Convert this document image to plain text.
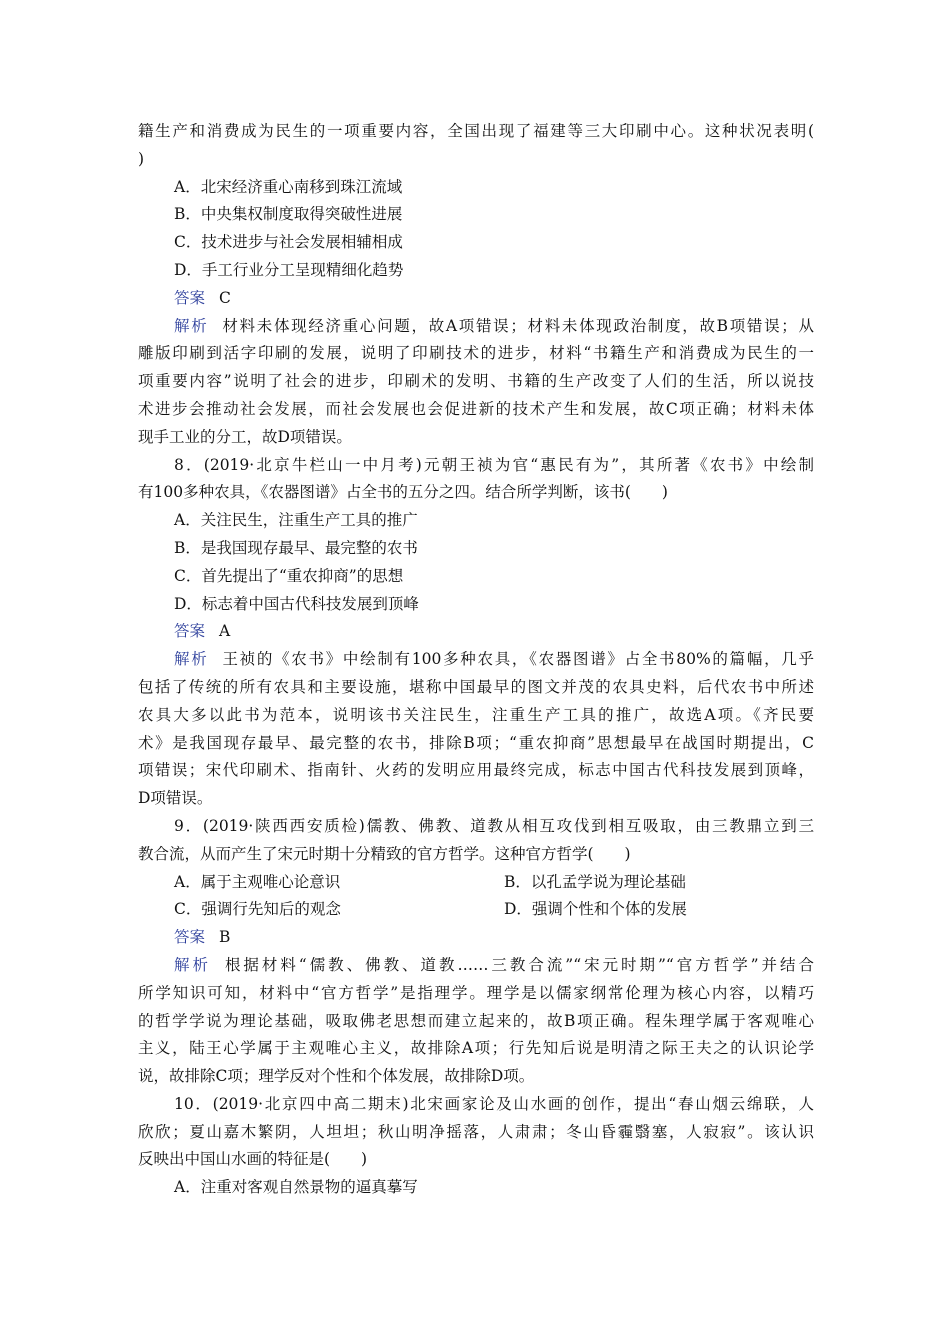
籍生产和消费成为民生的一项重要内容，全国出现了福建等三大印刷中心。这种状况表明(
)
A．北宋经济重心南移到珠江流域
B．中央集权制度取得突破性进展
C．技术进步与社会发展相辅相成
D．手工行业分工呈现精细化趋势
答案 C
解析 材料未体现经济重心问题，故A项错误；材料未体现政治制度，故B项错误；从
雕版印刷到活字印刷的发展，说明了印刷技术的进步，材料“书籍生产和消费成为民生的一
项重要内容”说明了社会的进步，印刷术的发明、书籍的生产改变了人们的生活，所以说技
术进步会推动社会发展，而社会发展也会促进新的技术产生和发展，故C项正确；材料未体
现手工业的分工，故D项错误。
8．(2019·北京牛栏山一中月考)元朝王祯为官“惠民有为”，其所著《农书》中绘制
有100多种农具，《农器图谱》占全书的五分之四。结合所学判断，该书(　　)
A．关注民生，注重生产工具的推广
B．是我国现存最早、最完整的农书
C．首先提出了“重农抑商”的思想
D．标志着中国古代科技发展到顶峰
答案 A
解析 王祯的《农书》中绘制有100多种农具，《农器图谱》占全书80%的篇幅，几乎
包括了传统的所有农具和主要设施，堪称中国最早的图文并茂的农具史料，后代农书中所述
农具大多以此书为范本，说明该书关注民生，注重生产工具的推广，故选A项。《齐民要
术》是我国现存最早、最完整的农书，排除B项；“重农抑商”思想最早在战国时期提出，C
项错误；宋代印刷术、指南针、火药的发明应用最终完成，标志中国古代科技发展到顶峰，
D项错误。
9．(2019·陕西西安质检)儒教、佛教、道教从相互攻伐到相互吸取，由三教鼎立到三
教合流，从而产生了宋元时期十分精致的官方哲学。这种官方哲学(　　)
A．属于主观唯心论意识	B．以孔孟学说为理论基础
C．强调行先知后的观念	D．强调个性和个体的发展
答案 B
解析 根据材料“儒教、佛教、道教……三教合流”“宋元时期”“官方哲学”并结合
所学知识可知，材料中“官方哲学”是指理学。理学是以儒家纲常伦理为核心内容，以精巧
的哲学学说为理论基础，吸取佛老思想而建立起来的，故B项正确。程朱理学属于客观唯心
主义，陆王心学属于主观唯心主义，故排除A项；行先知后说是明清之际王夫之的认识论学
说，故排除C项；理学反对个性和个体发展，故排除D项。
10．(2019·北京四中高二期末)北宋画家论及山水画的创作，提出“春山烟云绵联，人
欣欣；夏山嘉木繁阴，人坦坦；秋山明净摇落，人肃肃；冬山昏霾翳塞，人寂寂”。该认识
反映出中国山水画的特征是(　　)
A．注重对客观自然景物的逼真摹写
